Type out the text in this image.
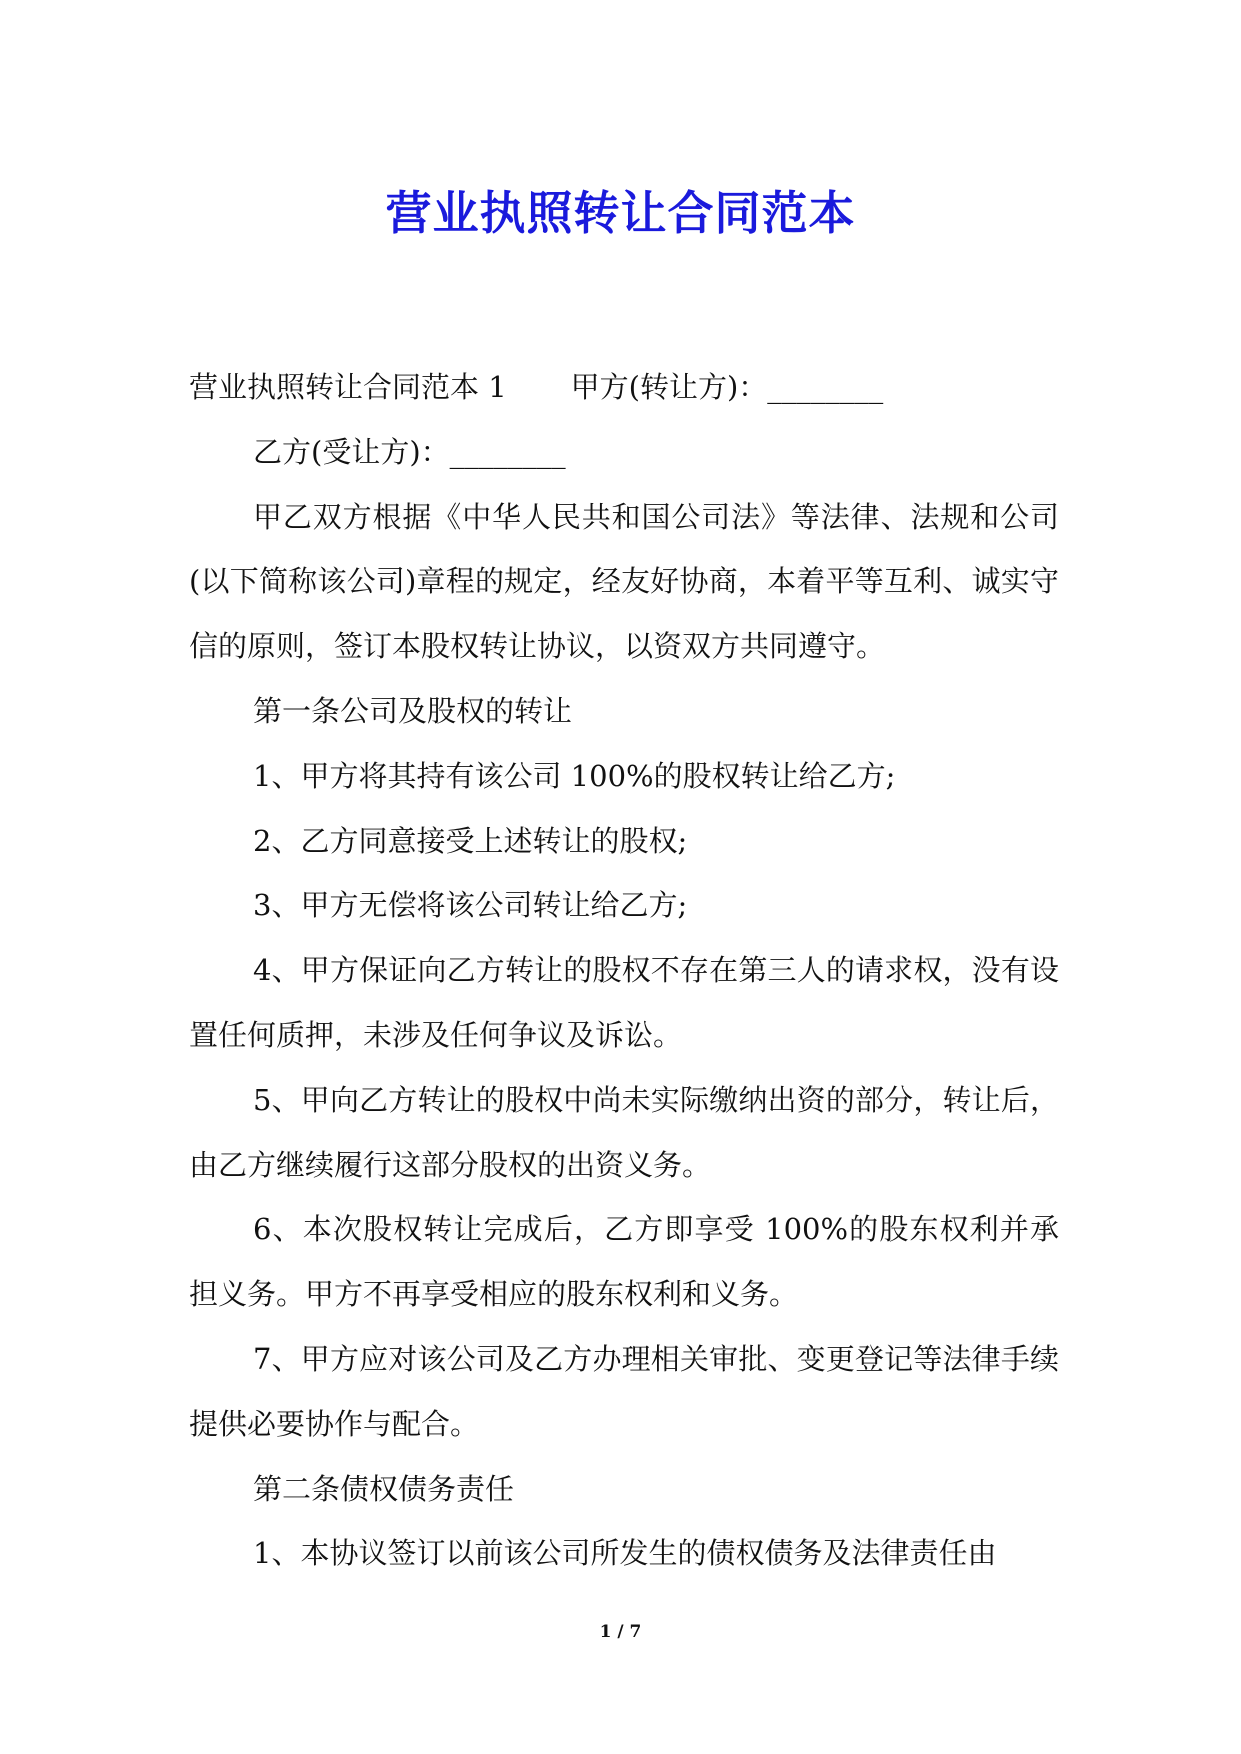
营业执照转让合同范本

营业执照转让合同范本 1 甲方(转让方)：________

乙方(受让方)：________

甲乙双方根据《中华人民共和国公司法》等法律、法规和公司(以下简称该公司)章程的规定，经友好协商，本着平等互利、诚实守信的原则，签订本股权转让协议，以资双方共同遵守。

第一条公司及股权的转让

1、甲方将其持有该公司 100%的股权转让给乙方;

2、乙方同意接受上述转让的股权;

3、甲方无偿将该公司转让给乙方;

4、甲方保证向乙方转让的股权不存在第三人的请求权，没有设置任何质押，未涉及任何争议及诉讼。

5、甲向乙方转让的股权中尚未实际缴纳出资的部分，转让后，由乙方继续履行这部分股权的出资义务。

6、本次股权转让完成后，乙方即享受 100%的股东权利并承担义务。甲方不再享受相应的股东权利和义务。

7、甲方应对该公司及乙方办理相关审批、变更登记等法律手续提供必要协作与配合。

第二条债权债务责任

1、本协议签订以前该公司所发生的债权债务及法律责任由

1 / 7
